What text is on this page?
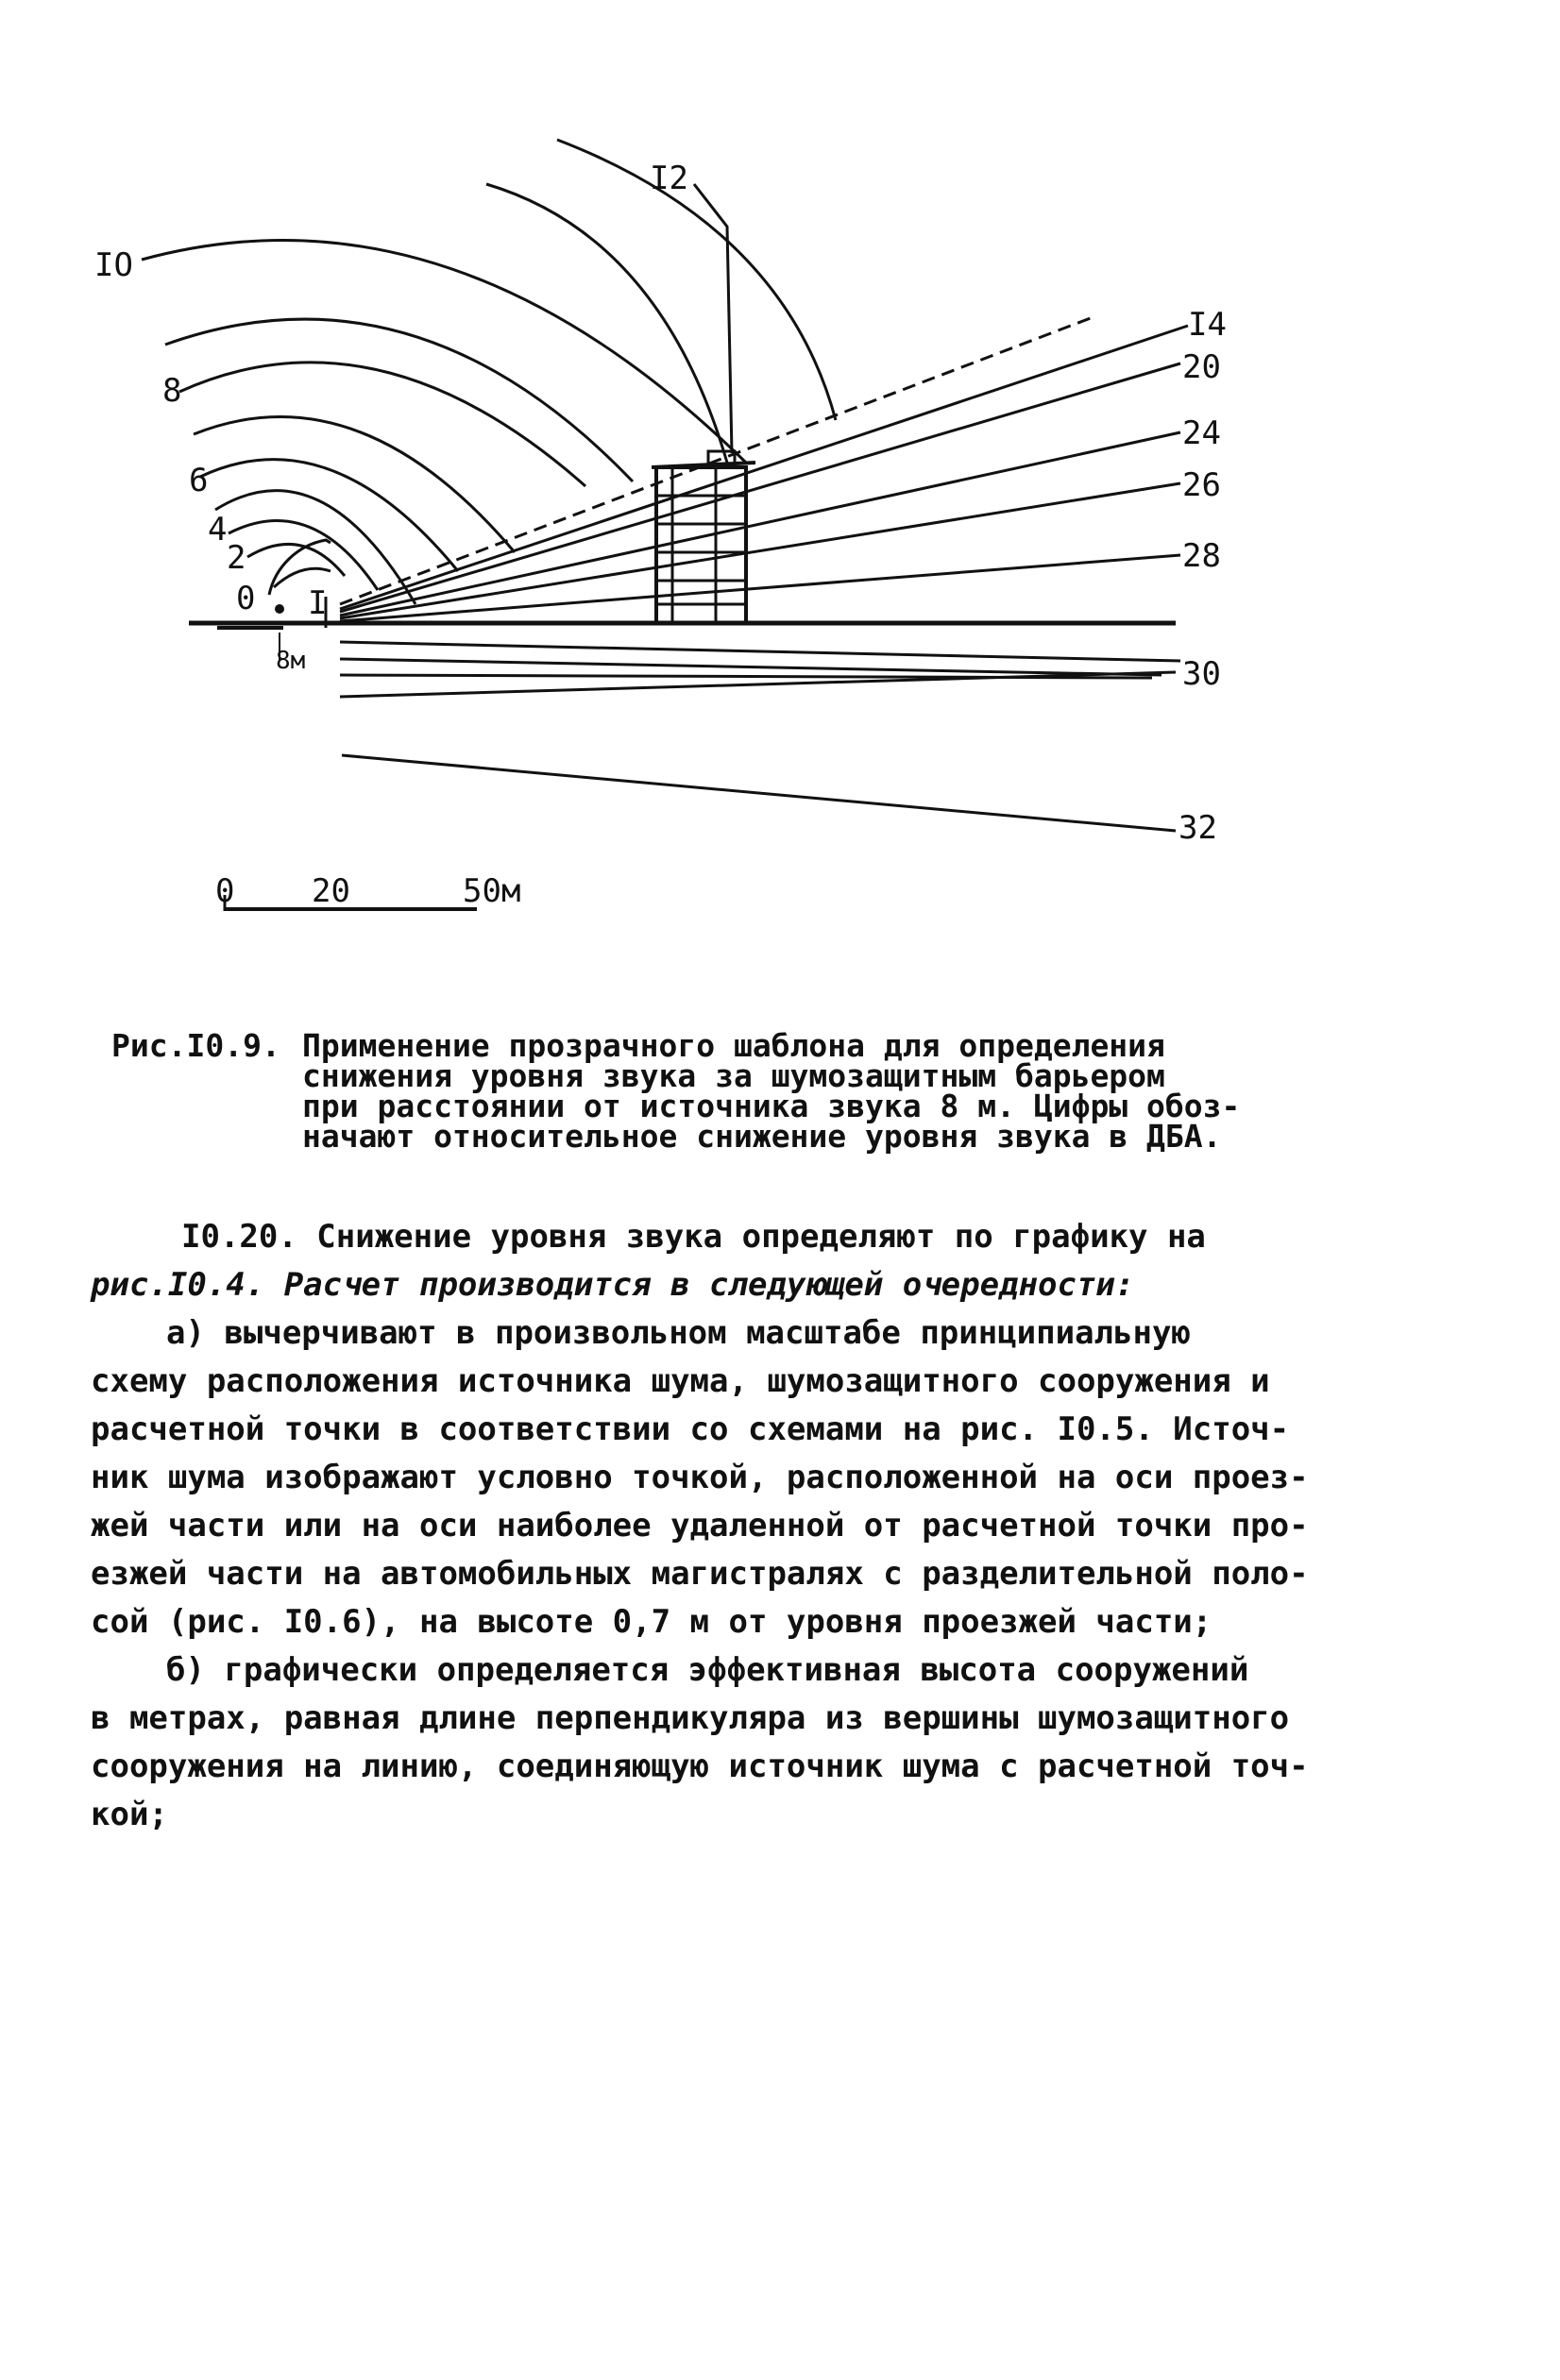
0
2
4
6
8
IO
I2
I4
20
24
26
28
30
32
I
8м
0 20	50м
Рис.I0.9. Применение прозрачного шаблона для определения
снижения уровня звука за шумозащитным барьером
при расстоянии от источника звука 8 м. Цифры обоз-
начают относительное снижение уровня звука в ДБА.
I0.20. Снижение уровня звука определяют по графику на
рис.I0.4. Расчет производится в следующей очередности:
а) вычерчивают в произвольном масштабе принципиальную
схему расположения источника шума, шумозащитного сооружения и
расчетной точки в соответствии со схемами на рис. I0.5. Источ-
ник шума изображают условно точкой, расположенной на оси проез-
жей части или на оси наиболее удаленной от расчетной точки про-
езжей части на автомобильных магистралях с разделительной поло-
сой (рис. I0.6), на высоте 0,7 м от уровня проезжей части;
б) графически определяется эффективная высота сооружений
в метрах, равная длине перпендикуляра из вершины шумозащитного
сооружения на линию, соединяющую источник шума с расчетной точ-
кой;
